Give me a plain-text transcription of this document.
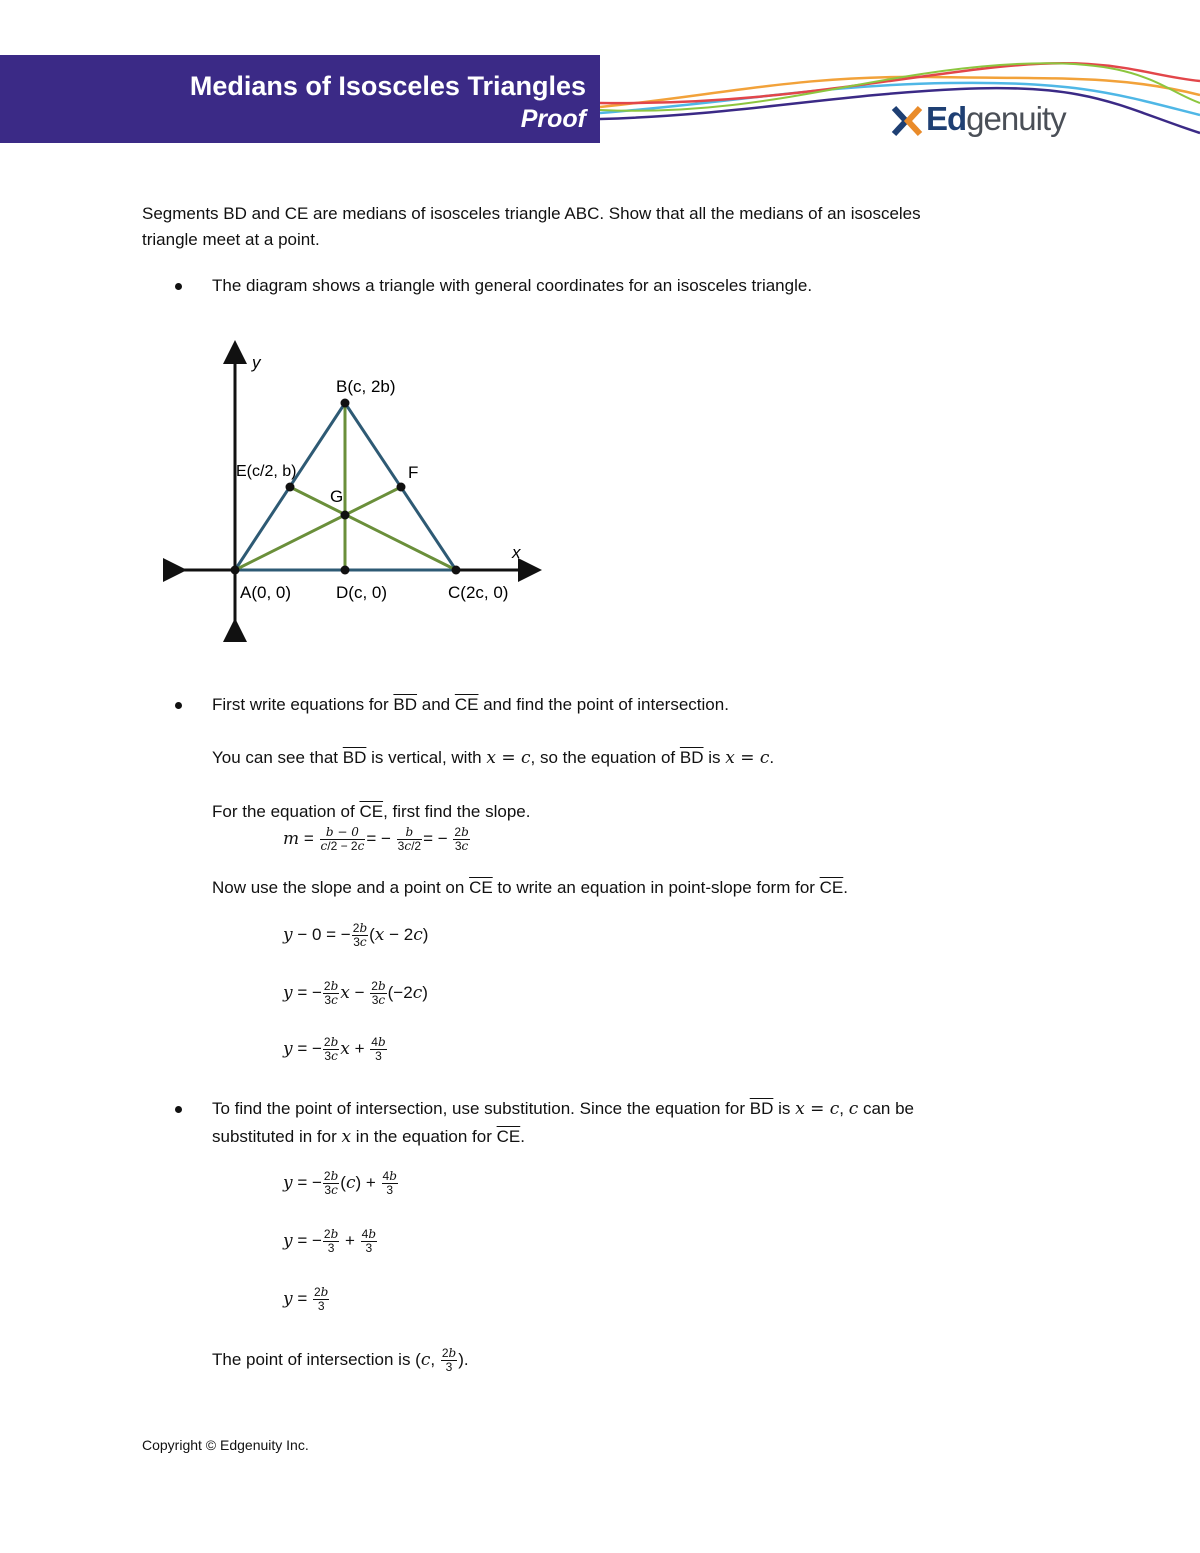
Medians of Isosceles Triangles
Proof	Edgenuity
Segments BD and CE are medians of isosceles triangle ABC. Show that all the medians of an isosceles
triangle meet at a point.
The diagram shows a triangle with general coordinates for an isosceles triangle.
y
x
B(c, 2b)
E(c/2, b)	F
G
A(0, 0)	D(c, 0)	C(2c, 0)
First write equations for $\overline{BD}$ and $\overline{CE}$ and find the point of intersection.
You can see that $\overline{BD}$ is vertical, with x = c, so the equation of $\overline{BD}$ is x = c.
For the equation of $\overline{CE}$, first find the slope.
$m = \frac{b - 0}{c/2 - 2c}$ = − $\frac{b}{3c/2}$ = − $\frac{2b}{3c}$
Now use the slope and a point on $\overline{CE}$ to write an equation in point-slope form for $\overline{CE}$.
y − 0 = − $\frac{2b}{3c} (x - 2c)$
y = − $\frac{2b}{3c}$ $x - \frac{2b}{3c} (-2c)$
y = − $\frac{2b}{3c}$ $x + \frac{4b}{3}$
To find the point of intersection, use substitution. Since the equation for $\overline{BD}$ is x = c, c can be
substituted in for x in the equation for $\overline{CE}$.
y = − $\frac{2b}{3c} (c) + \frac{4b}{3}$
y = − $\frac{2b}{3} + \frac{4b}{3}$
$y = \frac{2b}{3}$
The point of intersection is (c, $\frac{2b}{3}$ ).
Copyright © Edgenuity Inc.
